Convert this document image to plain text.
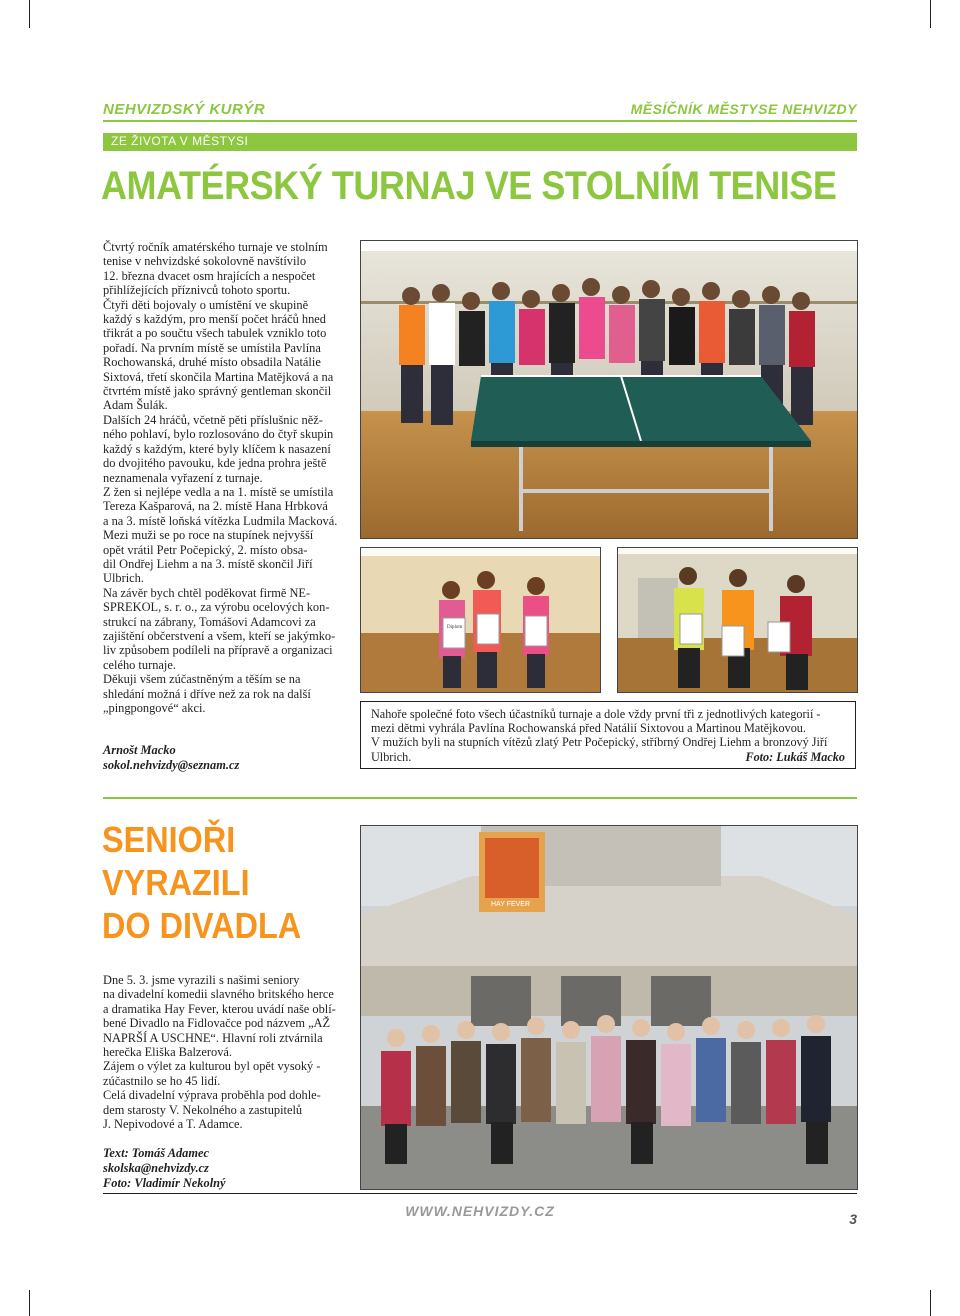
NEHVIZDSKÝ KURÝR	MĚSÍČNÍK MĚSTYSE NEHVIZDY
ZE ŽIVOTA V MĚSTYSI
AMATÉRSKÝ TURNAJ VE STOLNÍM TENISE

Čtvrtý ročník amatérského turnaje ve stolním

tenise v nehvizdské sokolovně navštívilo

12. března dvacet osm hrajících a nespočet

přihlížejících příznivců tohoto sportu.

Čtyři děti bojovaly o umístění ve skupině

každý s každým, pro menší počet hráčů hned

třikrát a po součtu všech tabulek vzniklo toto

pořadí. Na prvním místě se umístila Pavlína

Rochowanská, druhé místo obsadila Natálie

Sixtová, třetí skončila Martina Matějková a na

čtvrtém místě jako správný gentleman skončil

Adam Šulák.

Dalších 24 hráčů, včetně pěti příslušnic něž-

ného pohlaví, bylo rozlosováno do čtyř skupin

každý s každým, které byly klíčem k nasazení

do dvojitého pavouku, kde jedna prohra ještě

neznamenala vyřazení z turnaje.

Z žen si nejlépe vedla a na 1. místě se umístila

Tereza Kašparová, na 2. místě Hana Hrbková

a na 3. místě loňská vítězka Ludmila Macková.

Mezi muži se po roce na stupínek nejvyšší

opět vrátil Petr Počepický, 2. místo obsa-

dil Ondřej Liehm a na 3. místě skončil Jiří

Ulbrich.

Na závěr bych chtěl poděkovat firmě NE-

SPREKOL, s. r. o., za výrobu ocelových kon-

strukcí na zábrany, Tomášovi Adamcovi za

zajištění občerstvení a všem, kteří se jakýmko-

liv způsobem podíleli na přípravě a organizaci

celého turnaje.

Děkuji všem zúčastněným a těším se na

shledání možná i dříve než za rok na další

„pingpongové“ akci.

Arnošt Macko
sokol.nehvizdy@seznam.cz
Diplom
Nahoře společné foto všech účastníků turnaje a dole vždy první tři z jednotlivých kategorií -
mezi dětmi vyhrála Pavlína Rochowanská před Natálií Sixtovou a Martinou Matějkovou.
V mužích byli na stupních vítězů zlatý Petr Počepický, stříbrný Ondřej Liehm a bronzový Jiří
Ulbrich.	Foto: Lukáš Macko
SENIOŘI
VYRAZILI
DO DIVADLA

Dne 5. 3. jsme vyrazili s našimi seniory

na divadelní komedii slavného britského herce

a dramatika Hay Fever, kterou uvádí naše oblí-

bené Divadlo na Fidlovačce pod názvem „AŽ

NAPRŠÍ A USCHNE“. Hlavní roli ztvárnila

herečka Eliška Balzerová.

Zájem o výlet za kulturou byl opět vysoký -

zúčastnilo se ho 45 lidí.

Celá divadelní výprava proběhla pod dohle-

dem starosty V. Nekolného a zastupitelů

J. Nepivodové a T. Adamce.

Text: Tomáš Adamec
skolska@nehvizdy.cz
Foto: Vladimír Nekolný
HAY FEVER
WWW.NEHVIZDY.CZ	3
